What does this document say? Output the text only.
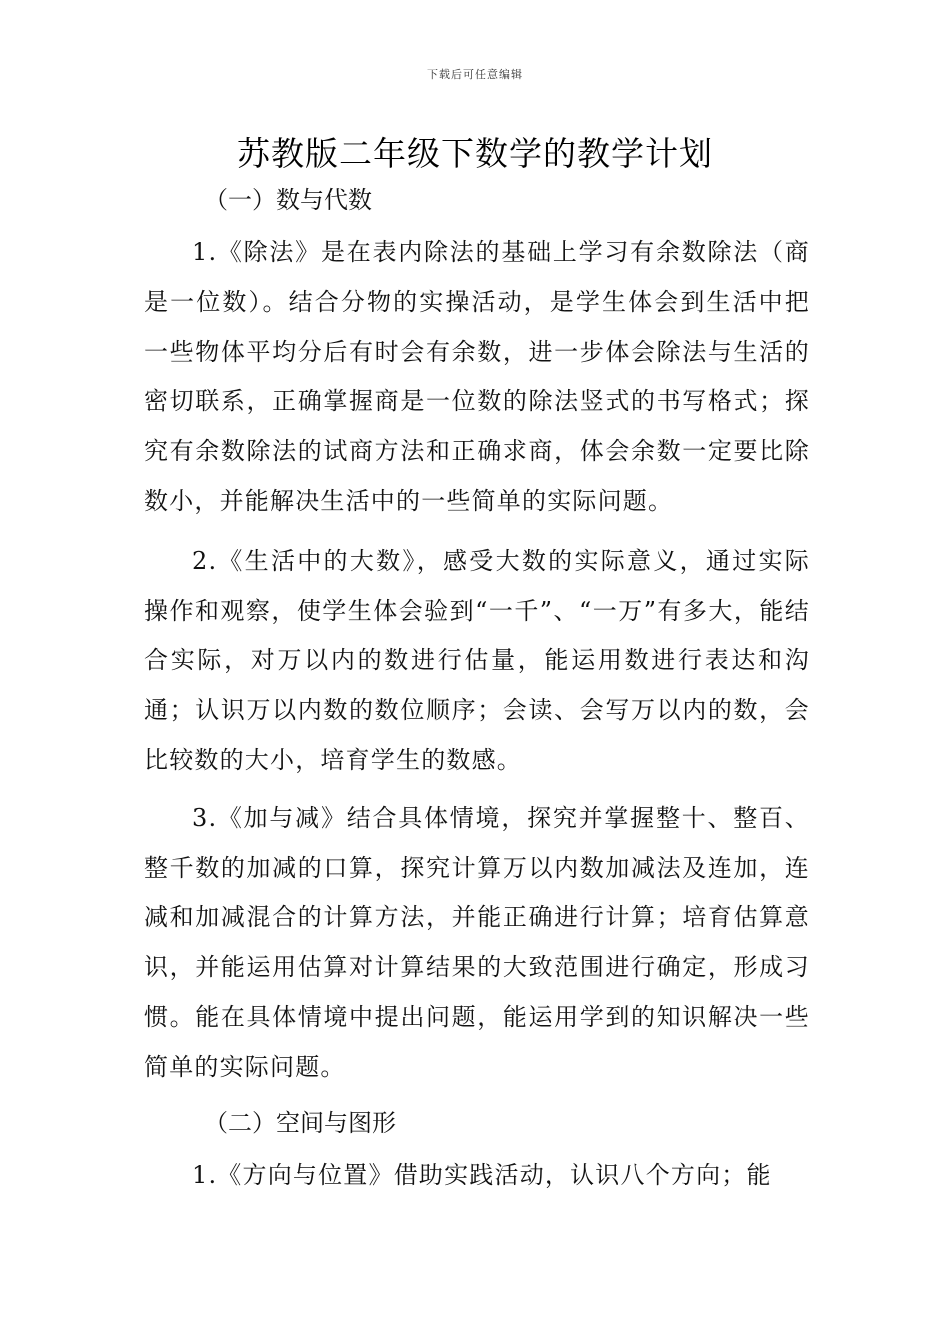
下载后可任意编辑
苏教版二年级下数学的教学计划

（一）数与代数

1.《除法》是在表内除法的基础上学习有余数除法（商是一位数）。结合分物的实操活动，是学生体会到生活中把一些物体平均分后有时会有余数，进一步体会除法与生活的密切联系，正确掌握商是一位数的除法竖式的书写格式；探究有余数除法的试商方法和正确求商，体会余数一定要比除数小，并能解决生活中的一些简单的实际问题。

2.《生活中的大数》，感受大数的实际意义，通过实际操作和观察，使学生体会验到“一千”、“一万”有多大，能结合实际，对万以内的数进行估量，能运用数进行表达和沟通；认识万以内数的数位顺序；会读、会写万以内的数，会比较数的大小，培育学生的数感。

3.《加与减》结合具体情境，探究并掌握整十、整百、整千数的加减的口算，探究计算万以内数加减法及连加，连减和加减混合的计算方法，并能正确进行计算；培育估算意识，并能运用估算对计算结果的大致范围进行确定，形成习惯。能在具体情境中提出问题，能运用学到的知识解决一些简单的实际问题。

（二）空间与图形

1.《方向与位置》借助实践活动，认识八个方向；能
